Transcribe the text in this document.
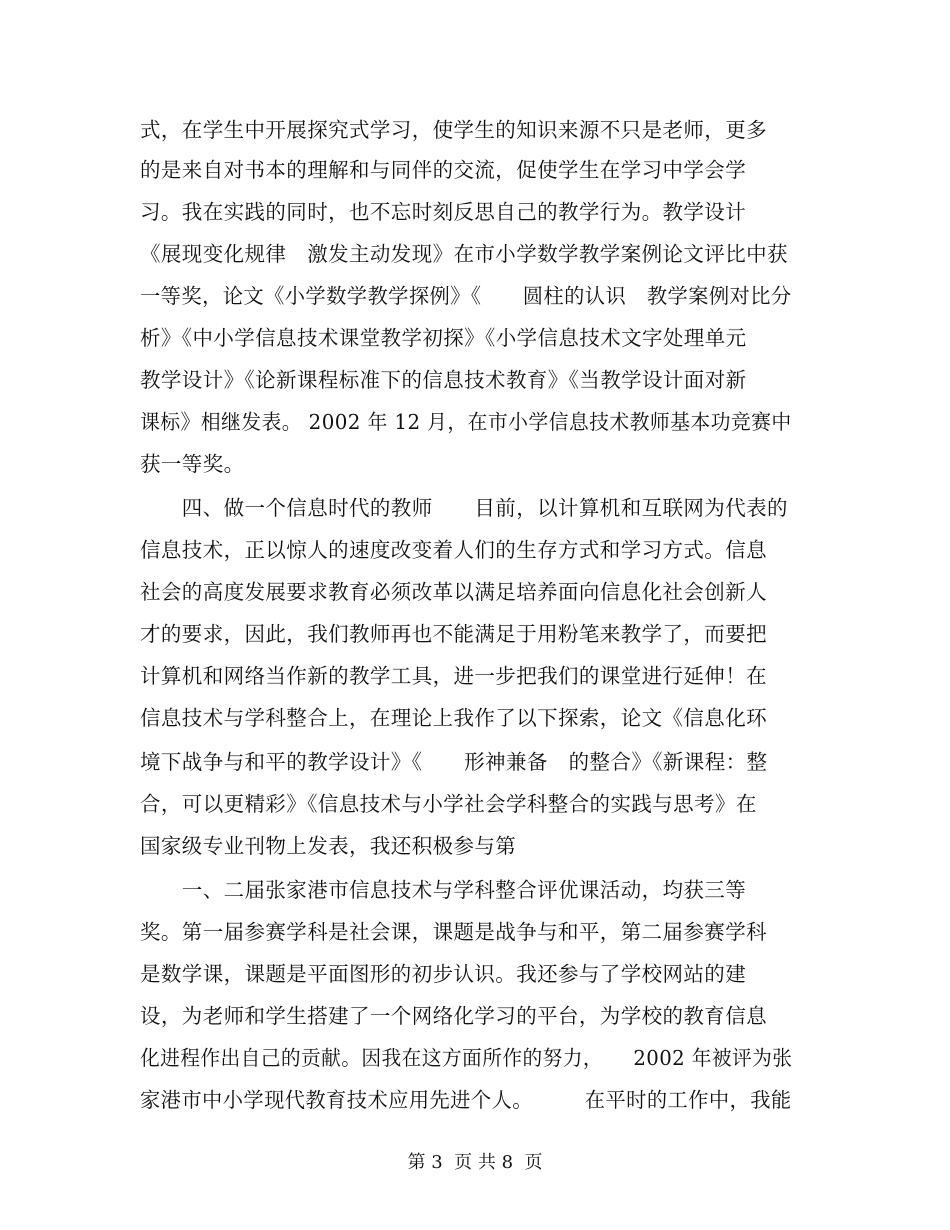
式，在学生中开展探究式学习，使学生的知识来源不只是老师，更多
的是来自对书本的理解和与同伴的交流，促使学生在学习中学会学
习。我在实践的同时，也不忘时刻反思自己的教学行为。教学设计
《展现变化规律　激发主动发现》在市小学数学教学案例论文评比中获
一等奖，论文《小学数学教学探例》《　　圆柱的认识　教学案例对比分
析》《中小学信息技术课堂教学初探》《小学信息技术文字处理单元
教学设计》《论新课程标准下的信息技术教育》《当教学设计面对新
课标》相继发表。 2002 年 12 月，在市小学信息技术教师基本功竞赛中
获一等奖。
　　四、做一个信息时代的教师　　目前，以计算机和互联网为代表的
信息技术，正以惊人的速度改变着人们的生存方式和学习方式。信息
社会的高度发展要求教育必须改革以满足培养面向信息化社会创新人
才的要求，因此，我们教师再也不能满足于用粉笔来教学了，而要把
计算机和网络当作新的教学工具，进一步把我们的课堂进行延伸！在
信息技术与学科整合上，在理论上我作了以下探索，论文《信息化环
境下战争与和平的教学设计》《　　形神兼备　的整合》《新课程：整
合，可以更精彩》《信息技术与小学社会学科整合的实践与思考》在
国家级专业刊物上发表，我还积极参与第
　　一、二届张家港市信息技术与学科整合评优课活动，均获三等
奖。第一届参赛学科是社会课，课题是战争与和平，第二届参赛学科
是数学课，课题是平面图形的初步认识。我还参与了学校网站的建
设，为老师和学生搭建了一个网络化学习的平台，为学校的教育信息
化进程作出自己的贡献。因我在这方面所作的努力，　　2002 年被评为张
家港市中小学现代教育技术应用先进个人。　　　在平时的工作中，我能
第 3  页 共 8  页
